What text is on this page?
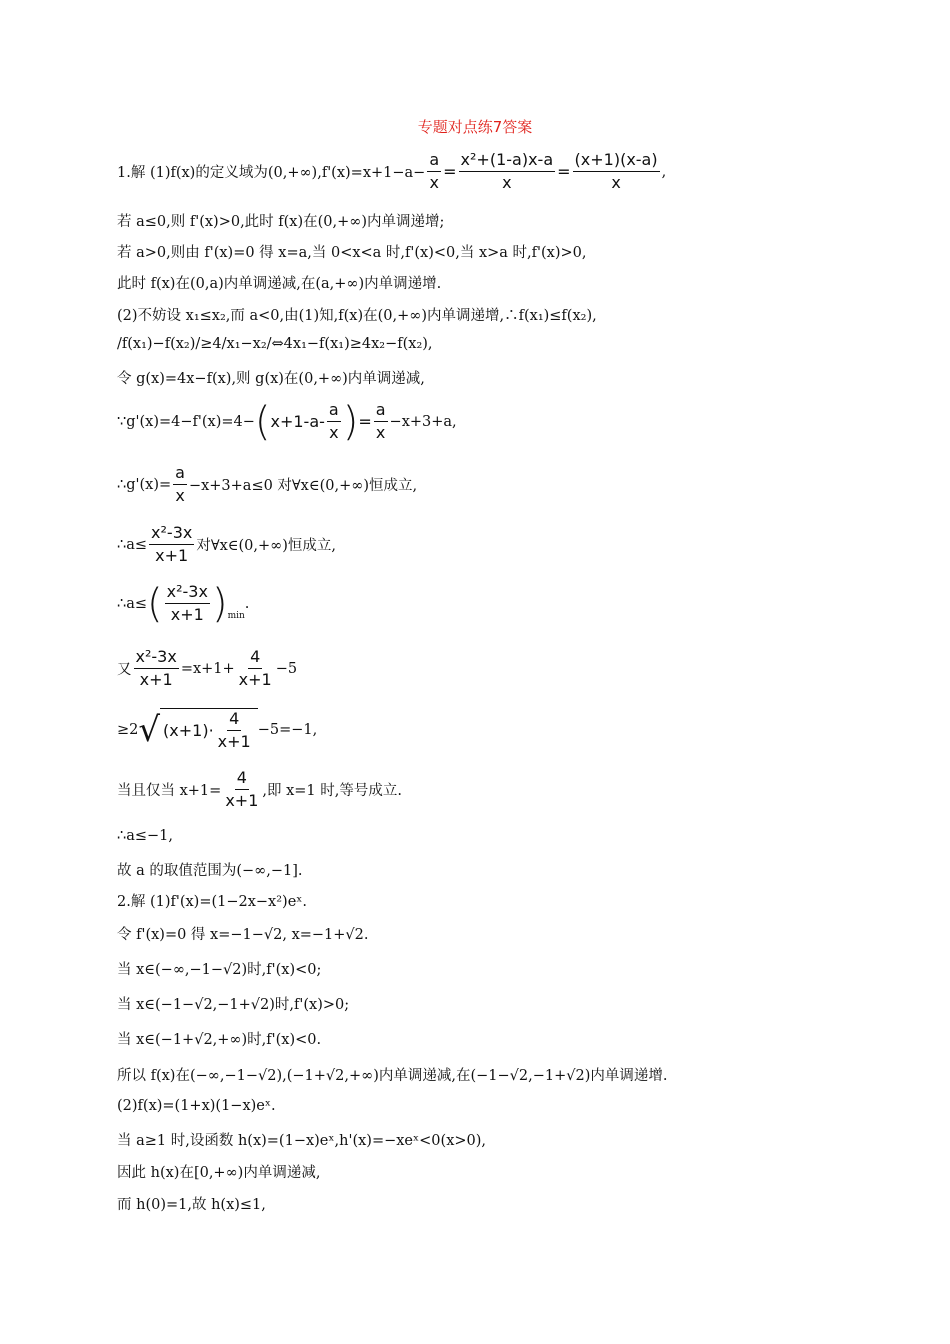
专题对点练7答案
1.解 (1)f(x)的定义域为$(0,+\infty),f'(x)=x+1-a- \frac{a}{x} = \frac{\text{x²+(1-a)x-a}}{x} = \frac{(x+1)(x-a)}{x}$ ,
若 a≤0,则 f'(x)>0,此时 f(x)在(0,+∞)内单调递增;
若 a>0,则由 f'(x)=0 得 x=a,当 0<x<a 时,f'(x)<0,当 x>a 时,f'(x)>0,
此时 f(x)在(0,a)内单调递减,在(a,+∞)内单调递增.
(2)不妨设 x₁≤x₂,而 a<0,由(1)知,f(x)在(0,+∞)内单调递增,∴f(x₁)≤f(x₂),
/f(x₁)−f(x₂)/≥4/x₁−x₂/⇔4x₁−f(x₁)≥4x₂−f(x₂),
令 g(x)=4x−f(x),则 g(x)在(0,+∞)内单调递减,
∵g'(x)=4−f'(x)=4− ( $x+1-a- \frac{a}{x}$ ) = $\frac{a}{x} -x+3+a$,
∴g'(x)= $\frac{a}{x} -x+3+a\le 0$ 对∀x∈(0,+∞)恒成立,
∴a≤ $\frac{\text{x²-3x}}{x+1}$ 对∀x∈(0,+∞)恒成立,
∴a≤ ( $\frac{\text{x²-3x}}{x+1}$ ) min
.
又 $\frac{\text{x²-3x}}{x+1} =x+1+ \frac{4}{x+1} -5$
≥2 √ $(x+1)\cdot \frac{4}{x+1} -5=-1$,
当且仅当 $x+1= \frac{4}{x+1}$ ,即 x=1 时,等号成立.
∴a≤−1,
故 a 的取值范围为(−∞,−1].
2.解 (1)f'(x)=(1−2x−x²)eˣ.
令 f'(x)=0 得 x=−1−√2, x=−1+√2.
当 x∈(−∞,−1−√2)时,f'(x)<0;
当 x∈(−1−√2,−1+√2)时,f'(x)>0;
当 x∈(−1+√2,+∞)时,f'(x)<0.
所以 f(x)在(−∞,−1−√2),(−1+√2,+∞)内单调递减,在(−1−√2,−1+√2)内单调递增.
(2)f(x)=(1+x)(1−x)eˣ.
当 a≥1 时,设函数 h(x)=(1−x)eˣ,h'(x)=−xeˣ<0(x>0),
因此 h(x)在[0,+∞)内单调递减,
而 h(0)=1,故 h(x)≤1,
